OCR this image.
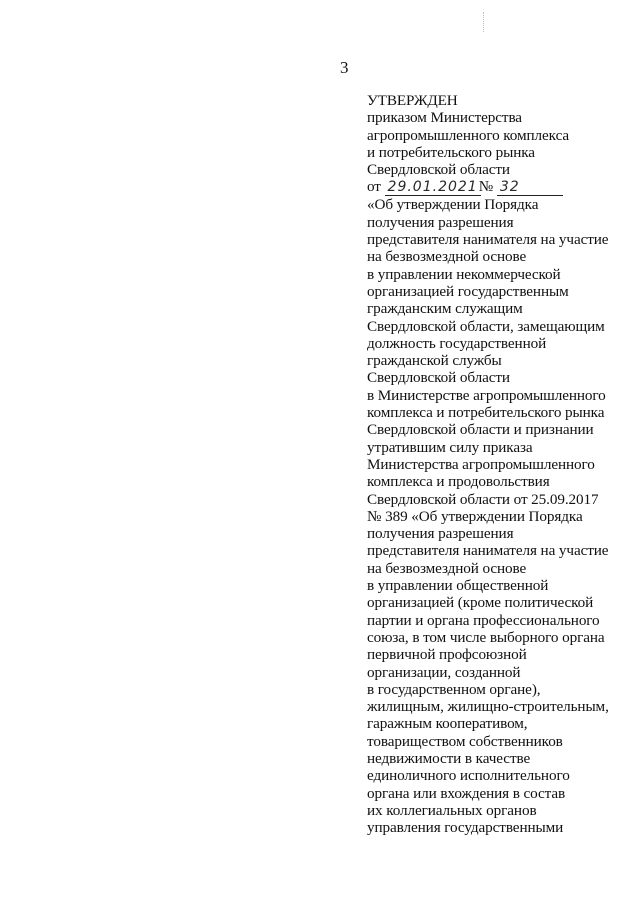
3
УТВЕРЖДЕН
приказом Министерства
агропромышленного комплекса
и потребительского рынка
Свердловской области
от 29.01.2021№ 32
«Об утверждении Порядка
получения разрешения
представителя нанимателя на участие
на безвозмездной основе
в управлении некоммерческой
организацией государственным
гражданским служащим
Свердловской области, замещающим
должность государственной
гражданской службы
Свердловской области
в Министерстве агропромышленного
комплекса и потребительского рынка
Свердловской области и признании
утратившим силу приказа
Министерства агропромышленного
комплекса и продовольствия
Свердловской области от 25.09.2017
№ 389 «Об утверждении Порядка
получения разрешения
представителя нанимателя на участие
на безвозмездной основе
в управлении общественной
организацией (кроме политической
партии и органа профессионального
союза, в том числе выборного органа
первичной профсоюзной
организации, созданной
в государственном органе),
жилищным, жилищно-строительным,
гаражным кооперативом,
товариществом собственников
недвижимости в качестве
единоличного исполнительного
органа или вхождения в состав
их коллегиальных органов
управления государственными
